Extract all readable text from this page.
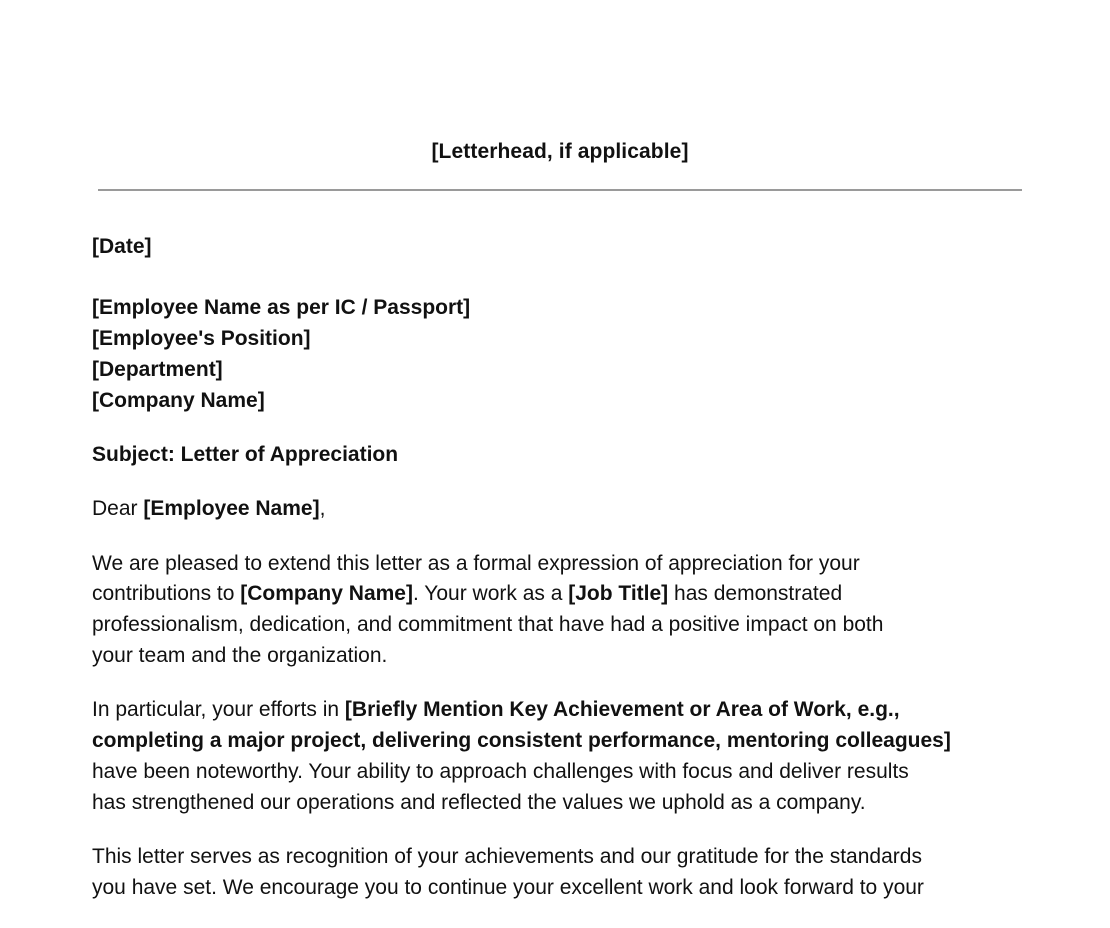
[Letterhead, if applicable]
[Date]
[Employee Name as per IC / Passport]
[Employee's Position]
[Department]
[Company Name]
Subject: Letter of Appreciation
Dear [Employee Name],

We are pleased to extend this letter as a formal expression of appreciation for your
contributions to [Company Name]. Your work as a [Job Title] has demonstrated
professionalism, dedication, and commitment that have had a positive impact on both
your team and the organization.

In particular, your efforts in [Briefly Mention Key Achievement or Area of Work, e.g.,
completing a major project, delivering consistent performance, mentoring colleagues]
have been noteworthy. Your ability to approach challenges with focus and deliver results
has strengthened our operations and reflected the values we uphold as a company.

This letter serves as recognition of your achievements and our gratitude for the standards
you have set. We encourage you to continue your excellent work and look forward to your
